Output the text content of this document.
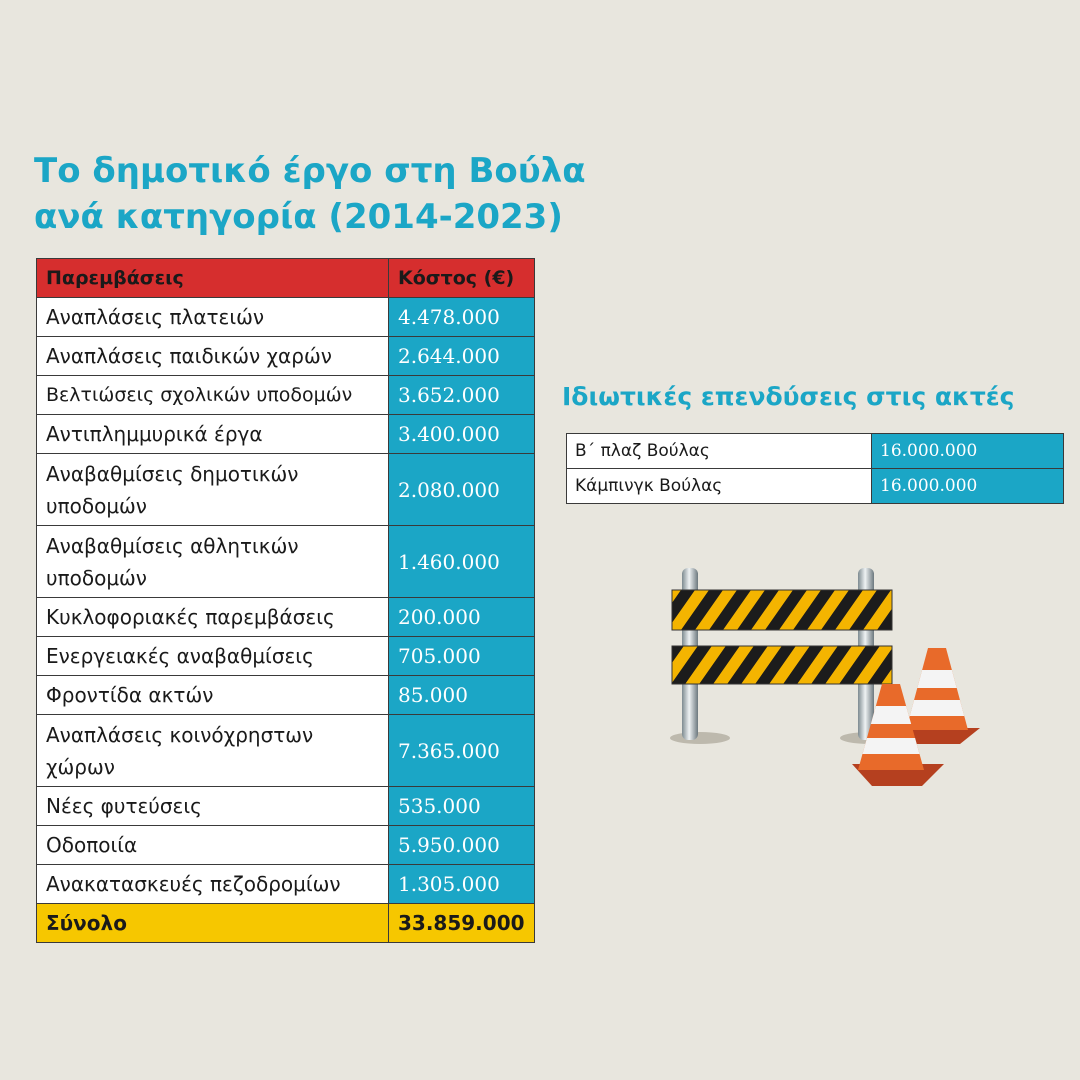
Το δημοτικό έργο στη Βούλα
ανά κατηγορία (2014-2023)
Παρεμβάσεις	Κόστος (€)
Αναπλάσεις πλατειών	4.478.000
Αναπλάσεις παιδικών χαρών	2.644.000
Βελτιώσεις σχολικών υποδομών	3.652.000
Αντιπλημμυρικά έργα	3.400.000
Αναβαθμίσεις δημοτικών υποδομών	2.080.000
Αναβαθμίσεις αθλητικών υποδομών	1.460.000
Κυκλοφοριακές παρεμβάσεις	200.000
Ενεργειακές αναβαθμίσεις	705.000
Φροντίδα ακτών	85.000
Αναπλάσεις κοινόχρηστων χώρων	7.365.000
Νέες φυτεύσεις	535.000
Οδοποιία	5.950.000
Ανακατασκευές πεζοδρομίων	1.305.000
Σύνολο	33.859.000
Ιδιωτικές επενδύσεις στις ακτές
Β΄ πλαζ Βούλας	16.000.000
Κάμπινγκ Βούλας	16.000.000
